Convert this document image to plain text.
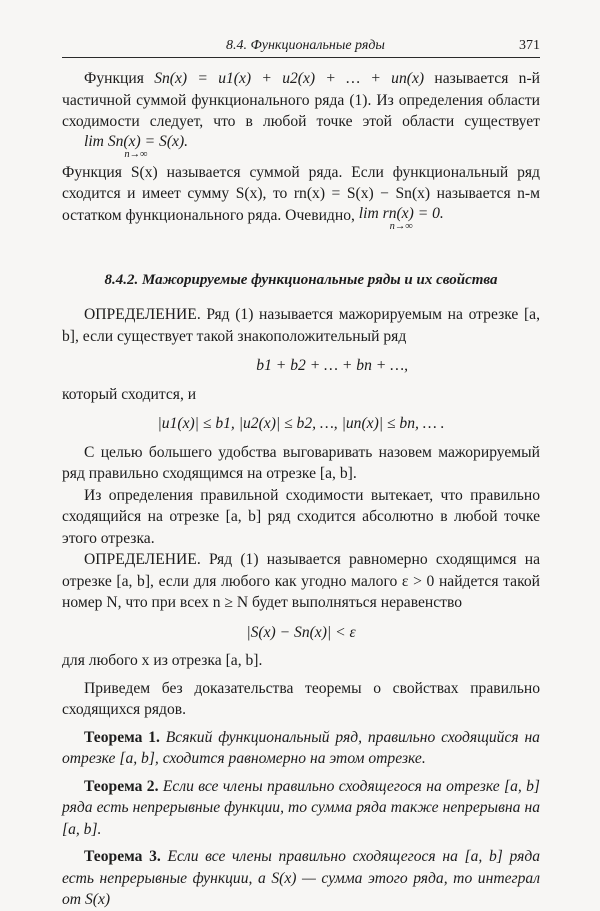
8.4. Функциональные ряды	371

Функция Sn(x) = u1(x) + u2(x) + … + un(x) называется n-й частичной суммой функционального ряда (1). Из определения области сходимости следует, что в любой точке этой области существует lim Sn(x) = S(x).
n→∞

Функция S(x) называется суммой ряда. Если функциональный ряд сходится и имеет сумму S(x), то rn(x) = S(x) − Sn(x) называется n-м остатком функционального ряда. Очевидно, lim rn(x) = 0.
n→∞

8.4.2. Мажорируемые функциональные ряды и их свойства

ОПРЕДЕЛЕНИЕ. Ряд (1) называется мажорируемым на отрезке [a, b], если существует такой знакоположительный ряд

b1 + b2 + … + bn + …,

который сходится, и

|u1(x)| ≤ b1, |u2(x)| ≤ b2, …, |un(x)| ≤ bn, … .

С целью большего удобства выговаривать назовем мажорируемый ряд правильно сходящимся на отрезке [a, b].

Из определения правильной сходимости вытекает, что правильно сходящийся на отрезке [a, b] ряд сходится абсолютно в любой точке этого отрезка.

ОПРЕДЕЛЕНИЕ. Ряд (1) называется равномерно сходящимся на отрезке [a, b], если для любого как угодно малого ε > 0 найдется такой номер N, что при всех n ≥ N будет выполняться неравенство

|S(x) − Sn(x)| < ε

для любого x из отрезка [a, b].

Приведем без доказательства теоремы о свойствах правильно сходящихся рядов.

Теорема 1. Всякий функциональный ряд, правильно сходящийся на отрезке [a, b], сходится равномерно на этом отрезке.

Теорема 2. Если все члены правильно сходящегося на отрезке [a, b] ряда есть непрерывные функции, то сумма ряда также непрерывна на [a, b].

Теорема 3. Если все члены правильно сходящегося на [a, b] ряда есть непрерывные функции, а S(x) — сумма этого ряда, то интеграл от S(x)
